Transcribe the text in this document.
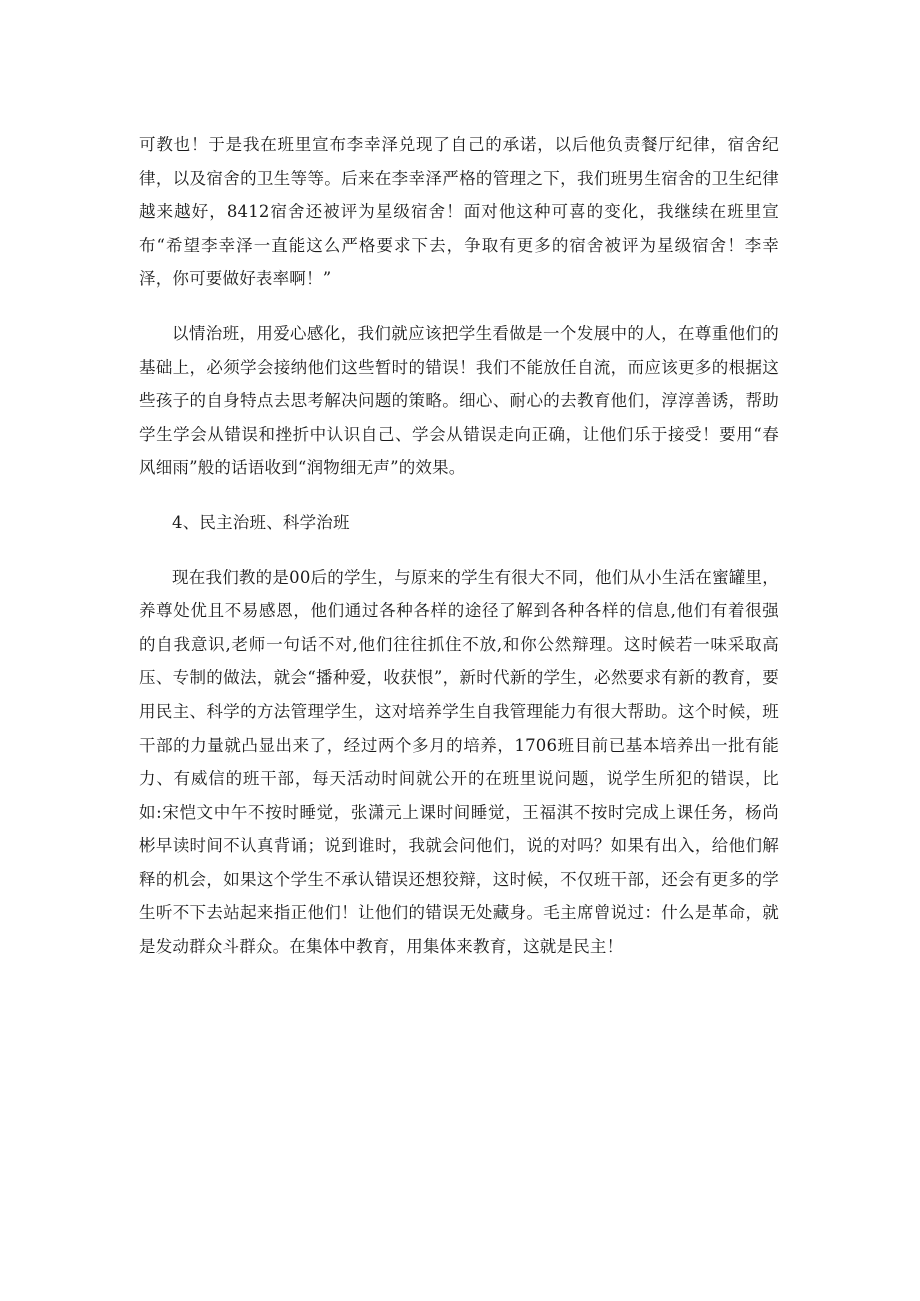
可教也！于是我在班里宣布李幸泽兑现了自己的承诺，以后他负责餐厅纪律，宿舍纪律，以及宿舍的卫生等等。后来在李幸泽严格的管理之下，我们班男生宿舍的卫生纪律越来越好，8412宿舍还被评为星级宿舍！面对他这种可喜的变化，我继续在班里宣布“希望李幸泽一直能这么严格要求下去，争取有更多的宿舍被评为星级宿舍！李幸泽，你可要做好表率啊！”

以情治班，用爱心感化，我们就应该把学生看做是一个发展中的人，在尊重他们的基础上，必须学会接纳他们这些暂时的错误！我们不能放任自流，而应该更多的根据这些孩子的自身特点去思考解决问题的策略。细心、耐心的去教育他们，淳淳善诱，帮助学生学会从错误和挫折中认识自己、学会从错误走向正确，让他们乐于接受！要用“春风细雨”般的话语收到“润物细无声”的效果。

4、民主治班、科学治班

现在我们教的是00后的学生，与原来的学生有很大不同，他们从小生活在蜜罐里，养尊处优且不易感恩，他们通过各种各样的途径了解到各种各样的信息,他们有着很强的自我意识,老师一句话不对,他们往往抓住不放,和你公然辩理。这时候若一味采取高压、专制的做法，就会“播种爱，收获恨”，新时代新的学生，必然要求有新的教育，要用民主、科学的方法管理学生，这对培养学生自我管理能力有很大帮助。这个时候，班干部的力量就凸显出来了，经过两个多月的培养，1706班目前已基本培养出一批有能力、有威信的班干部，每天活动时间就公开的在班里说问题，说学生所犯的错误，比如:宋恺文中午不按时睡觉，张潇元上课时间睡觉，王福淇不按时完成上课任务，杨尚彬早读时间不认真背诵；说到谁时，我就会问他们，说的对吗？如果有出入，给他们解释的机会，如果这个学生不承认错误还想狡辩，这时候，不仅班干部，还会有更多的学生听不下去站起来指正他们！让他们的错误无处藏身。毛主席曾说过：什么是革命，就是发动群众斗群众。在集体中教育，用集体来教育，这就是民主！
